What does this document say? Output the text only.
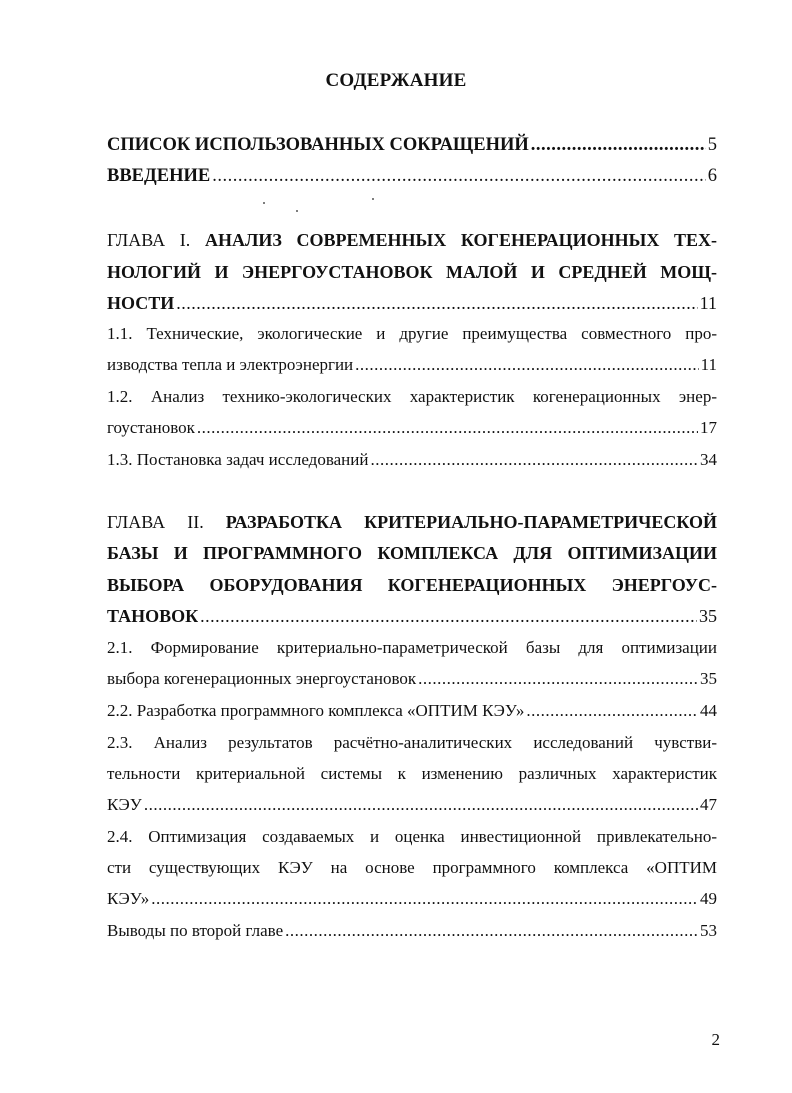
СОДЕРЖАНИЕ
СПИСОК ИСПОЛЬЗОВАННЫХ СОКРАЩЕНИЙ .....	5
ВВЕДЕНИЕ .....	6
ГЛАВА I. АНАЛИЗ СОВРЕМЕННЫХ КОГЕНЕРАЦИОННЫХ ТЕХ-
НОЛОГИЙ И ЭНЕРГОУСТАНОВОК МАЛОЙ И СРЕДНЕЙ МОЩ-
НОСТИ .....	11
1.1. Технические, экологические и другие преимущества совместного про-
изводства тепла и электроэнергии .....	11
1.2. Анализ технико-экологических характеристик когенерационных энер-
гоустановок .....	17
1.3. Постановка задач исследований .....	34
ГЛАВА II. РАЗРАБОТКА КРИТЕРИАЛЬНО-ПАРАМЕТРИЧЕСКОЙ
БАЗЫ И ПРОГРАММНОГО КОМПЛЕКСА ДЛЯ ОПТИМИЗАЦИИ
ВЫБОРА ОБОРУДОВАНИЯ КОГЕНЕРАЦИОННЫХ ЭНЕРГОУС-
ТАНОВОК .....	35
2.1. Формирование критериально-параметрической базы для оптимизации
выбора когенерационных энергоустановок .....	35
2.2. Разработка программного комплекса «ОПТИМ КЭУ» .....	44
2.3. Анализ результатов расчётно-аналитических исследований чувстви-
тельности критериальной системы к изменению различных характеристик
КЭУ .....	47
2.4. Оптимизация создаваемых и оценка инвестиционной привлекательно-
сти существующих КЭУ на основе программного комплекса «ОПТИМ
КЭУ» .....	49
Выводы по второй главе .....	53
2
